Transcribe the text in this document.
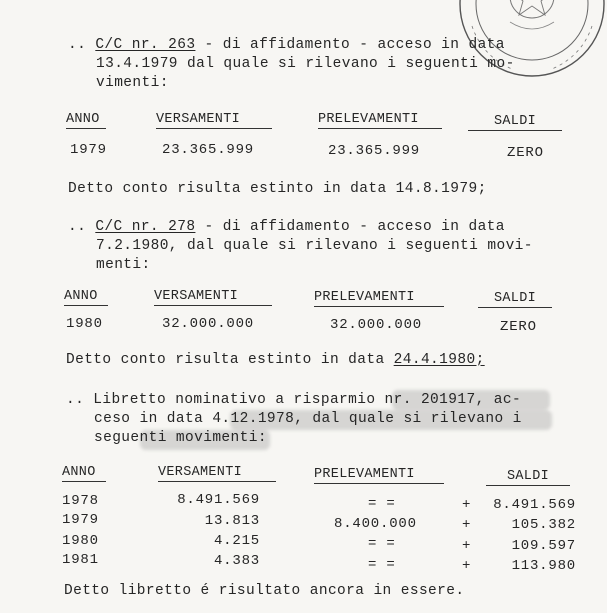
.. C/C nr. 263 - di affidamento - acceso in data
13.4.1979 dal quale si rilevano i seguenti mo-
vimenti:
ANNO	VERSAMENTI	PRELEVAMENTI	SALDI
1979	23.365.999	23.365.999	ZERO
Detto conto risulta estinto in data 14.8.1979;
.. C/C nr. 278 - di affidamento - acceso in data
7.2.1980, dal quale si rilevano i seguenti movi-
menti:
ANNO	VERSAMENTI	PRELEVAMENTI	SALDI
1980	32.000.000	32.000.000	ZERO
Detto conto risulta estinto in data 24.4.1980;
.. Libretto nominativo a risparmio nr. 201917, ac-
ceso in data 4.12.1978, dal quale si rilevano i
seguenti movimenti:
ANNO	VERSAMENTI	PRELEVAMENTI	SALDI
1978	8.491.569	= =	+	8.491.569
1979	13.813	8.400.000	+	105.382
1980	4.215	= =	+	109.597
1981	4.383	= =	+	113.980
Detto libretto é risultato ancora in essere.
